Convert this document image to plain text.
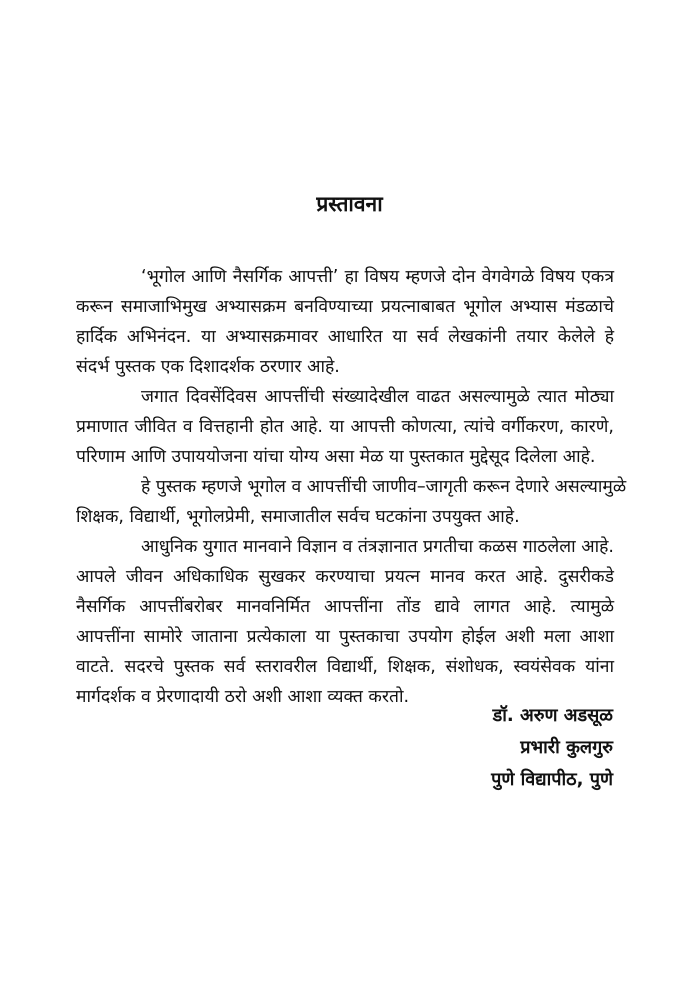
प्रस्तावना
‘भूगोल आणि नैसर्गिक आपत्ती’ हा विषय म्हणजे दोन वेगवेगळे विषय एकत्र
करून समाजाभिमुख अभ्यासक्रम बनविण्याच्या प्रयत्नाबाबत भूगोल अभ्यास मंडळाचे
हार्दिक अभिनंदन. या अभ्यासक्रमावर आधारित या सर्व लेखकांनी तयार केलेले हे
संदर्भ पुस्तक एक दिशादर्शक ठरणार आहे.
जगात दिवसेंदिवस आपत्तींची संख्यादेखील वाढत असल्यामुळे त्यात मोठ्या
प्रमाणात जीवित व वित्तहानी होत आहे. या आपत्ती कोणत्या, त्यांचे वर्गीकरण, कारणे,
परिणाम आणि उपाययोजना यांचा योग्य असा मेळ या पुस्तकात मुद्देसूद दिलेला आहे.
हे पुस्तक म्हणजे भूगोल व आपत्तींची जाणीव–जागृती करून देणारे असल्यामुळे
शिक्षक, विद्यार्थी, भूगोलप्रेमी, समाजातील सर्वच घटकांना उपयुक्त आहे.
आधुनिक युगात मानवाने विज्ञान व तंत्रज्ञानात प्रगतीचा कळस गाठलेला आहे.
आपले जीवन अधिकाधिक सुखकर करण्याचा प्रयत्न मानव करत आहे. दुसरीकडे
नैसर्गिक आपत्तींबरोबर मानवनिर्मित आपत्तींना तोंड द्यावे लागत आहे. त्यामुळे
आपत्तींना सामोरे जाताना प्रत्येकाला या पुस्तकाचा उपयोग होईल अशी मला आशा
वाटते. सदरचे पुस्तक सर्व स्तरावरील विद्यार्थी, शिक्षक, संशोधक, स्वयंसेवक यांना
मार्गदर्शक व प्रेरणादायी ठरो अशी आशा व्यक्त करतो.
डॉ. अरुण अडसूळ
प्रभारी कुलगुरु
पुणे विद्यापीठ, पुणे
